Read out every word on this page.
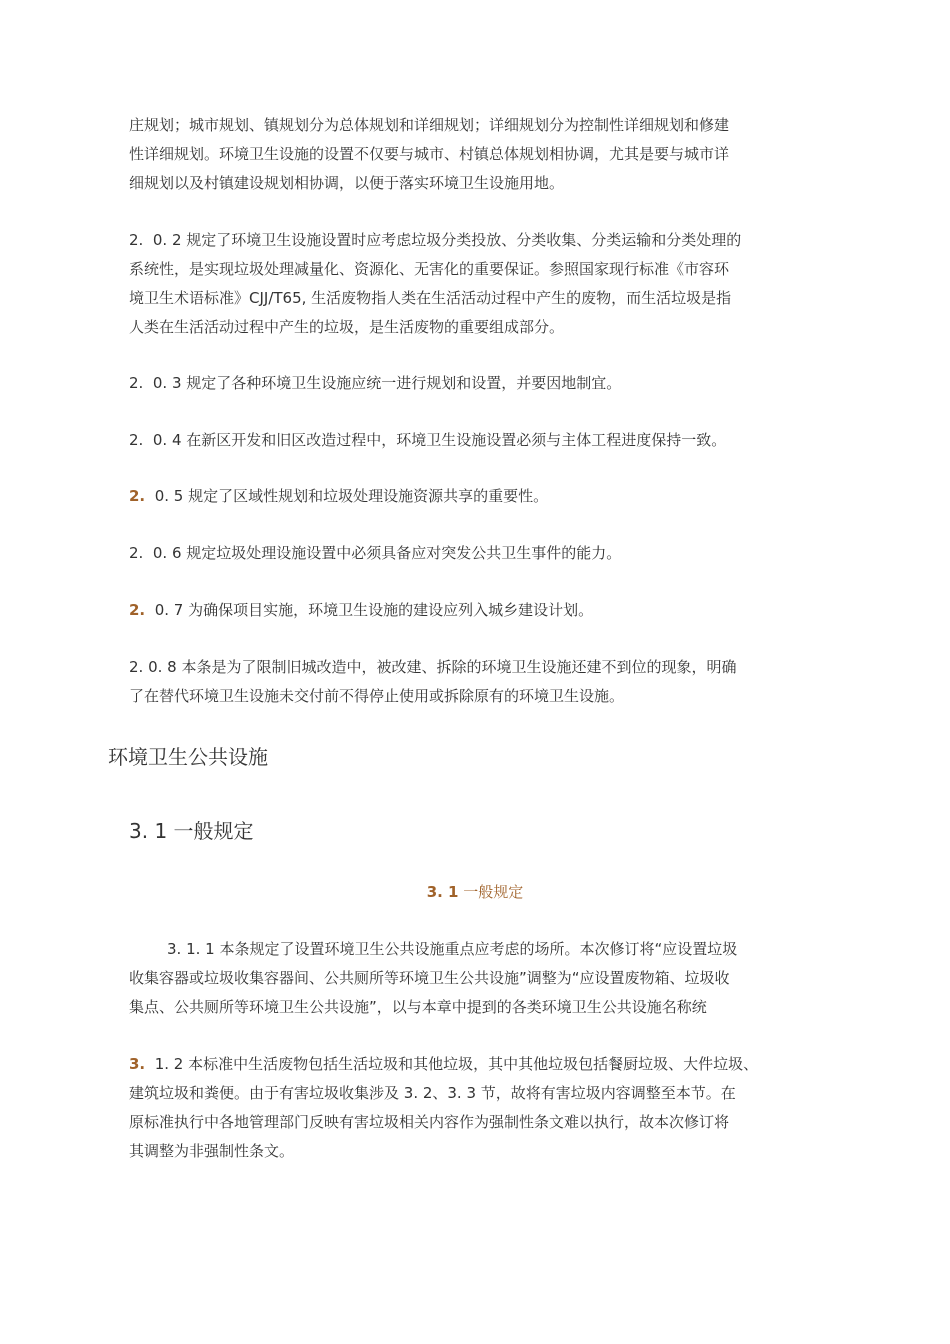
庄规划；城市规划、镇规划分为总体规划和详细规划；详细规划分为控制性详细规划和修建
性详细规划。环境卫生设施的设置不仅要与城市、村镇总体规划相协调，尤其是要与城市详
细规划以及村镇建设规划相协调，以便于落实环境卫生设施用地。
2. 0. 2 规定了环境卫生设施设置时应考虑垃圾分类投放、分类收集、分类运输和分类处理的
系统性，是实现垃圾处理减量化、资源化、无害化的重要保证。参照国家现行标准《市容环
境卫生术语标准》CJJ/T65, 生活废物指人类在生活活动过程中产生的废物，而生活垃圾是指
人类在生活活动过程中产生的垃圾，是生活废物的重要组成部分。
2. 0. 3 规定了各种环境卫生设施应统一进行规划和设置，并要因地制宜。
2. 0. 4 在新区开发和旧区改造过程中，环境卫生设施设置必须与主体工程进度保持一致。
2. 0. 5 规定了区域性规划和垃圾处理设施资源共享的重要性。
2. 0. 6 规定垃圾处理设施设置中必须具备应对突发公共卫生事件的能力。
2. 0. 7 为确保项目实施，环境卫生设施的建设应列入城乡建设计划。
2. 0. 8 本条是为了限制旧城改造中，被改建、拆除的环境卫生设施还建不到位的现象，明确
了在替代环境卫生设施未交付前不得停止使用或拆除原有的环境卫生设施。
环境卫生公共设施
3. 1 一般规定
3. 1 一般规定
3. 1. 1 本条规定了设置环境卫生公共设施重点应考虑的场所。本次修订将“应设置垃圾
收集容器或垃圾收集容器间、公共厕所等环境卫生公共设施”调整为“应设置废物箱、垃圾收
集点、公共厕所等环境卫生公共设施”，以与本章中提到的各类环境卫生公共设施名称统
3. 1. 2 本标准中生活废物包括生活垃圾和其他垃圾，其中其他垃圾包括餐厨垃圾、大件垃圾、
建筑垃圾和粪便。由于有害垃圾收集涉及 3. 2、3. 3 节，故将有害垃圾内容调整至本节。在
原标准执行中各地管理部门反映有害垃圾相关内容作为强制性条文难以执行，故本次修订将
其调整为非强制性条文。
